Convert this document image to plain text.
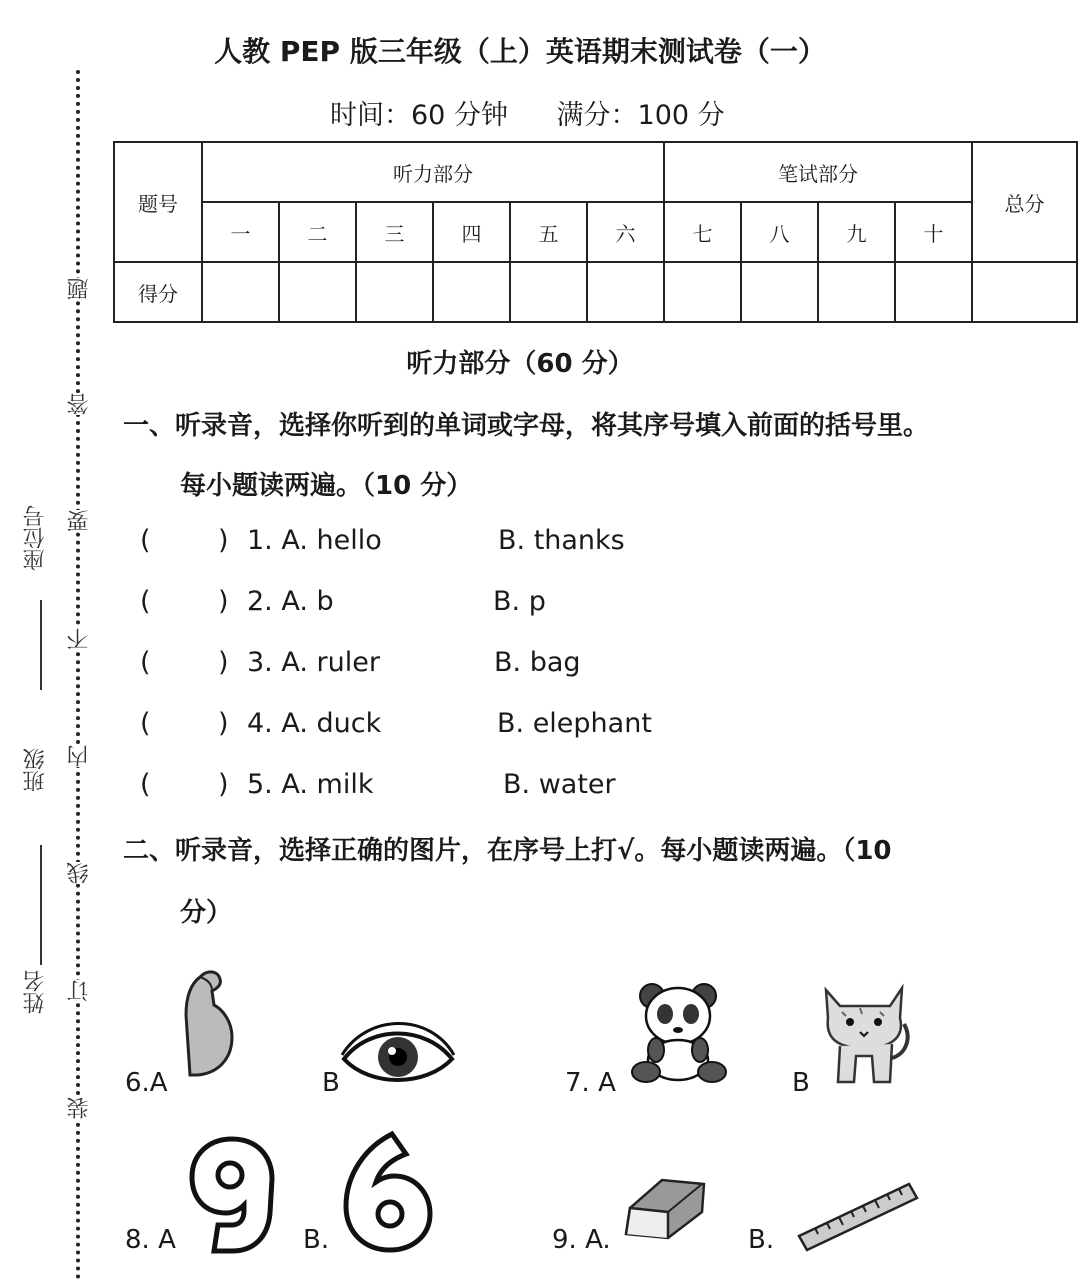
题
答
要
不
内
线
订
装
座位号
班级
姓名
人教 PEP 版三年级（上）英语期末测试卷（一）
时间：60 分钟 满分：100 分
题号	听力部分						笔试部分				总分
	一	二	三	四	五	六	七	八	九	十	
得分											
听力部分（60 分）
一、听录音，选择你听到的单词或字母，将其序号填入前面的括号里。
每小题读两遍。（10 分）
( ) 1. A. hello	B. thanks
( ) 2. A. b	B. p
( ) 3. A. ruler	B. bag
( ) 4. A. duck	B. elephant
( ) 5. A. milk	B. water
二、听录音，选择正确的图片，在序号上打√。每小题读两遍。（10
分）
6.A	B	7. A	B
8. A	B.	9. A.	B.
